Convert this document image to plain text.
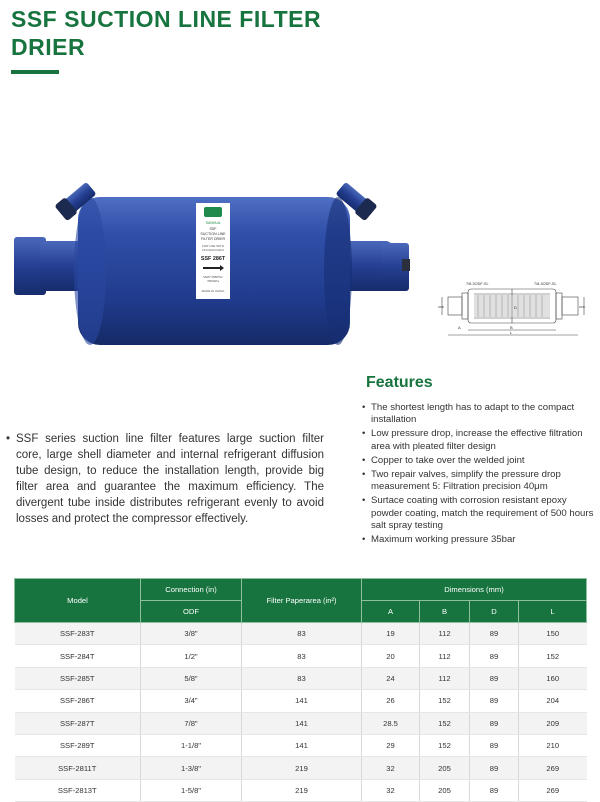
SSF SUCTION LINE FILTER DRIER
SANHUA
SSF
SUCTION LINE
FILTER DRIER
FOR USE WITH
CFC/HCFC/HFC
SSF 286T
MWP 35BPSC
3500kPa
MADE IN CHINA
7/8-3ODF-SL	7/8-3ODF-SL
D
B
L
A
ODF	ODF
Features
• The shortest length has to adapt to the compact installation
• Low pressure drop, increase the effective filtration area with pleated filter design
• Copper to take over the welded joint
• Two repair valves, simplify the pressure drop measurement 5: Filtration precision 40μm
• Surtace coating with corrosion resistant epoxy powder coating, match the requirement of 500 hours salt spray testing
• Maximum working pressure 35bar

• SSF series suction line filter features large suction filter core, large shell diameter and internal refrigerant diffusion tube design, to reduce the installation length, provide big filter area and guarantee the maximum efficiency. The divergent tube inside distributes refrigerant evenly to avoid losses and protect the compressor effectively.

Model	Connection (in)	Filter Paperarea (in²)	Dimensions (mm)			
	ODF		A	B	D	L
SSF-283T	3/8"	83	19	112	89	150
SSF-284T	1/2"	83	20	112	89	152
SSF-285T	5/8"	83	24	112	89	160
SSF-286T	3/4"	141	26	152	89	204
SSF-287T	7/8"	141	28.5	152	89	209
SSF-289T	1-1/8"	141	29	152	89	210
SSF-2811T	1-3/8"	219	32	205	89	269
SSF-2813T	1-5/8"	219	32	205	89	269
